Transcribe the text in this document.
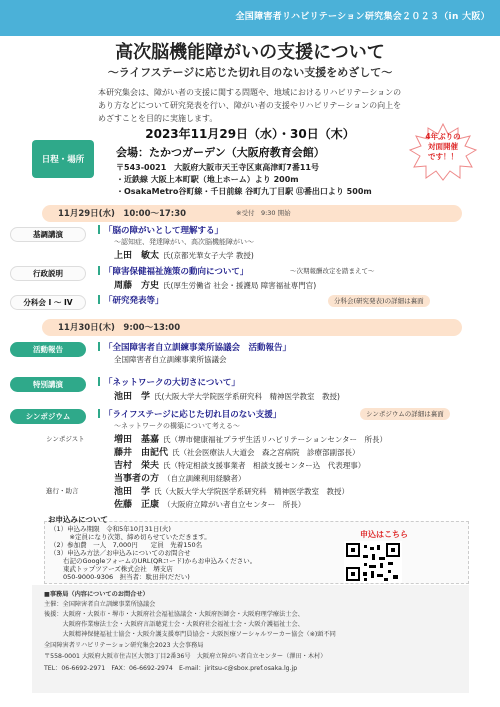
全国障害者リハビリテーション研究集会２０２３（in 大阪）
高次脳機能障がいの支援について
〜ライフステージに応じた切れ目のない支援をめざして〜
本研究集会は、障がい者の支援に関する問題や、地域におけるリハビリテーションの
あり方などについて研究発表を行い、障がい者の支援やリハビリテーションの向上を
めざすことを目的に実施します。
2023年11月29日（水）・30日（木）
日程・場所
会場：たかつガーデン（大阪府教育会館）
〒543-0021　大阪府大阪市天王寺区東高津町7番11号
・近鉄線 大阪上本町駅（地上ホーム）より 200m
・OsakaMetro谷町線・千日前線 谷町九丁目駅 ⑪番出口より 500m
4年ぶりの
対面開催
です！！
11月29日(水)　10:00〜17:30	※受付　9:30 開始
基調講演	「脳の障がいとして理解する」
〜認知症、発達障がい、高次脳機能障がい〜
上田　敏太 氏(京都光華女子大学 教授)
行政説明	「障害保健福祉施策の動向について」	〜次期報酬改定を踏まえて〜
周藤　方史 氏(厚生労働省 社会・援護局 障害福祉専門官)
分科会 I 〜 IV	「研究発表等」	分科会(研究発表)の詳細は裏面
11月30日(木)　9:00〜13:00
活動報告	「全国障害者自立訓練事業所協議会　活動報告」
全国障害者自立訓練事業所協議会
特別講演	「ネットワークの大切さについて」
池田　学 氏(大阪大学大学院医学系研究科　精神医学教室　教授)
シンポジウム	「ライフステージに応じた切れ目のない支援」	シンポジウムの詳細は裏面
〜ネットワークの構築について考える〜
シンポジスト	増田　基嘉 氏（堺市健康福祉プラザ生活リハビリテーションセンター　所長）
藤井　由記代 氏（社会医療法人大道会　森之宮病院　診療部副部長）
吉村　栄夫 氏（特定相談支援事業者　相談支援センター込　代表理事）
当事者の方 （自立訓練利用経験者）
進行・助言	池田　学 氏（大阪大学大学院医学系研究科　精神医学教室　教授）
佐藤　正康 （大阪府立障がい者自立センター　所長）
お申込みについて
（1）申込み期限　令和5年10月31日(火)
　　　※定員になり次第、締め切らせていただきます。
（2）参加費　一人　7,000円　　定員　先着150名
（3）申込み方法／お申込みについてのお問合せ
　　右記のGoogleフォームのURL(QRコード)からお申込みください。
　　東武トップツアーズ株式会社　堺支店
　　050-9000-9306　担当者：駄田井(だだい)
申込はこちら
■事務局（内容についてのお問合せ）
主催：全国障害者自立訓練事業所協議会
後援：大阪府・大阪市・堺市・大阪府社会福祉協議会・大阪府医師会・大阪府理学療法士会、
　　　大阪府作業療法士会・大阪府言語聴覚士会・大阪府社会福祉士会・大阪介護福祉士会、
　　　大阪精神保健福祉士協会・大阪介護支援専門員協会・大阪医療ソーシャルワーカー協会（※)頭不同
全国障害者リハビリテーション研究集会2023 大会事務局
〒558-0001 大阪府大阪市住吉区大領3丁目2番36号　大阪府立障がい者自立センター（澤田・木村）
TEL：06-6692-2971　FAX：06-6692-2974　E-mail：jiritsu-c@sbox.pref.osaka.lg.jp
